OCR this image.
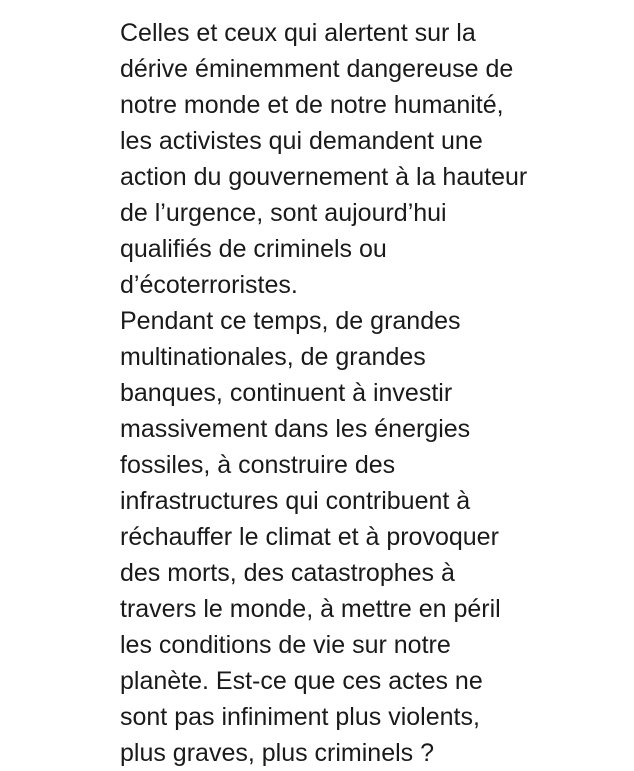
Celles et ceux qui alertent sur la
dérive éminemment dangereuse de
notre monde et de notre humanité,
les activistes qui demandent une
action du gouvernement à la hauteur
de l’urgence, sont aujourd’hui
qualifiés de criminels ou
d’écoterroristes.
Pendant ce temps, de grandes
multinationales, de grandes
banques, continuent à investir
massivement dans les énergies
fossiles, à construire des
infrastructures qui contribuent à
réchauffer le climat et à provoquer
des morts, des catastrophes à
travers le monde, à mettre en péril
les conditions de vie sur notre
planète. Est-ce que ces actes ne
sont pas infiniment plus violents,
plus graves, plus criminels ?
